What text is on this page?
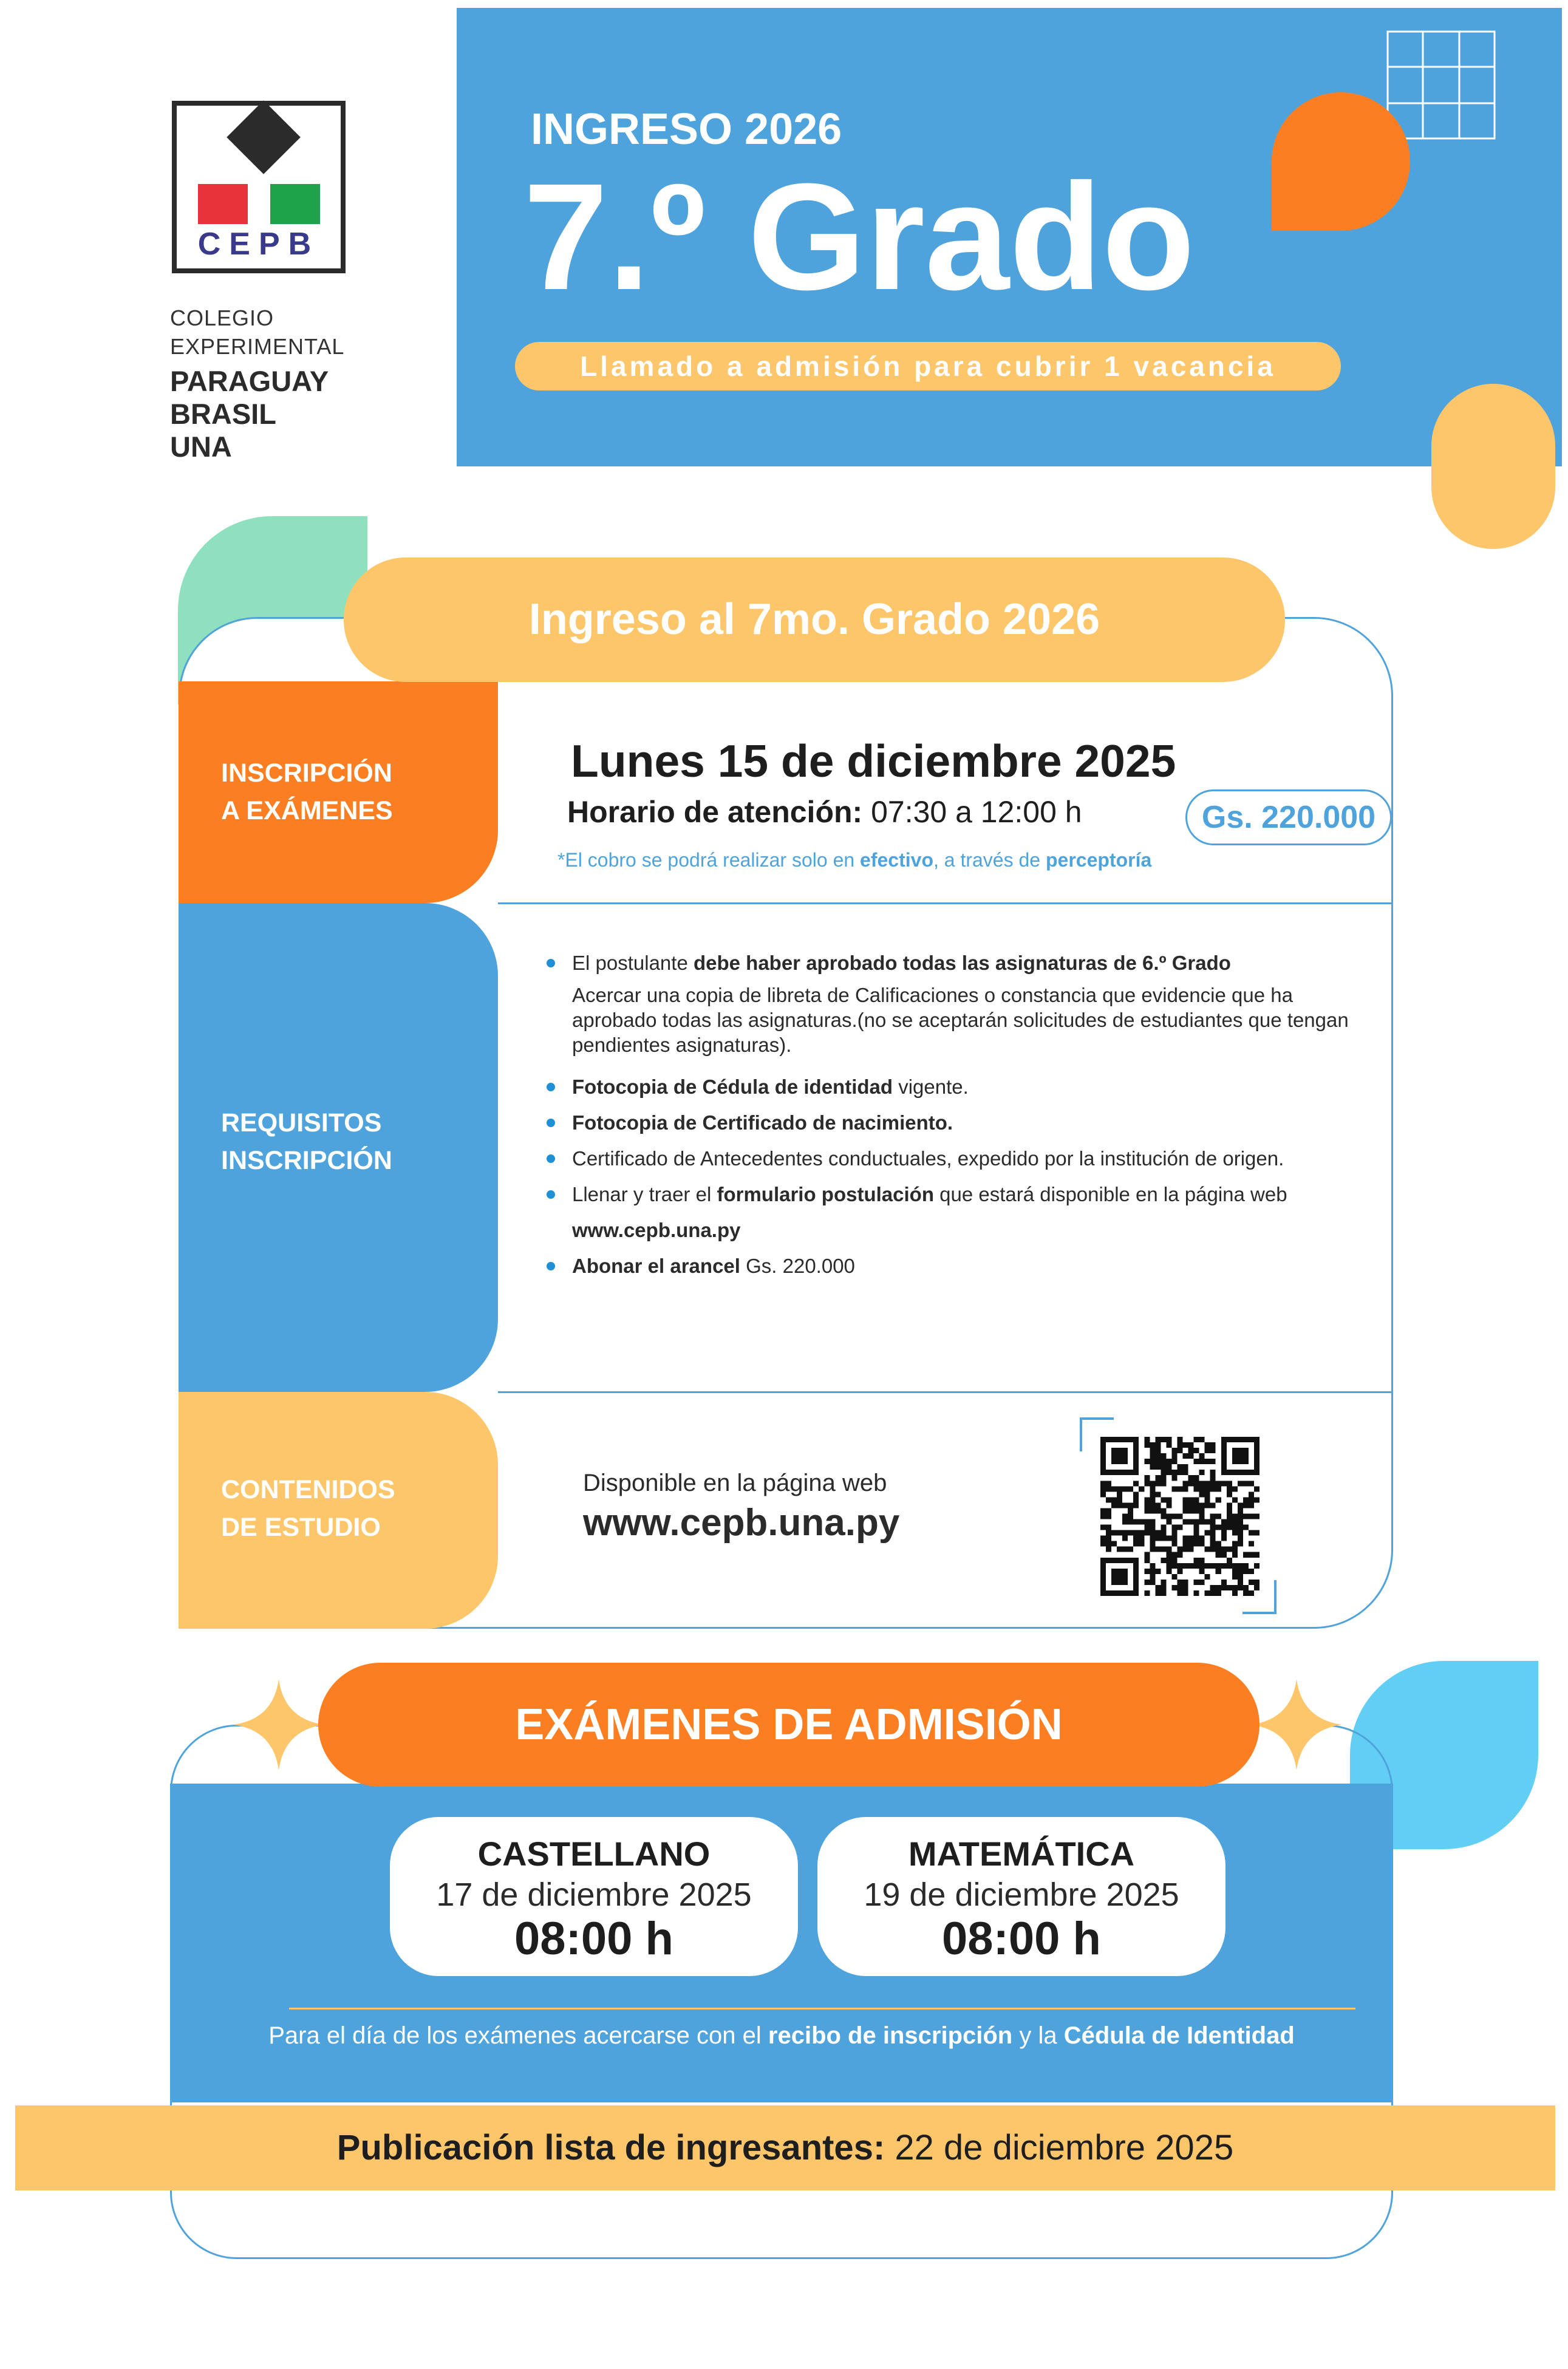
CEPB
COLEGIO
EXPERIMENTAL
PARAGUAY
BRASIL
UNA
INGRESO 2026
7.º Grado
Llamado a admisión para cubrir 1 vacancia
Ingreso al 7mo. Grado 2026
INSCRIPCIÓN
A EXÁMENES
REQUISITOS
INSCRIPCIÓN
CONTENIDOS
DE ESTUDIO
Lunes 15 de diciembre 2025
Horario de atención: 07:30 a 12:00 h	Gs. 220.000
*El cobro se podrá realizar solo en efectivo, a través de perceptoría
El postulante debe haber aprobado todas las asignaturas de 6.º Grado
Acercar una copia de libreta de Calificaciones o constancia que evidencie que ha aprobado todas las asignaturas.(no se aceptarán solicitudes de estudiantes que tengan pendientes asignaturas).
Fotocopia de Cédula de identidad vigente.
Fotocopia de Certificado de nacimiento.
Certificado de Antecedentes conductuales, expedido por la institución de origen.
Llenar y traer el formulario postulación que estará disponible en la página web
www.cepb.una.py
Abonar el arancel Gs. 220.000
Disponible en la página web
www.cepb.una.py
EXÁMENES DE ADMISIÓN
CASTELLANO
17 de diciembre 2025
08:00 h
MATEMÁTICA
19 de diciembre 2025
08:00 h
Para el día de los exámenes acercarse con el recibo de inscripción y la Cédula de Identidad
Publicación lista de ingresantes: 22 de diciembre 2025
